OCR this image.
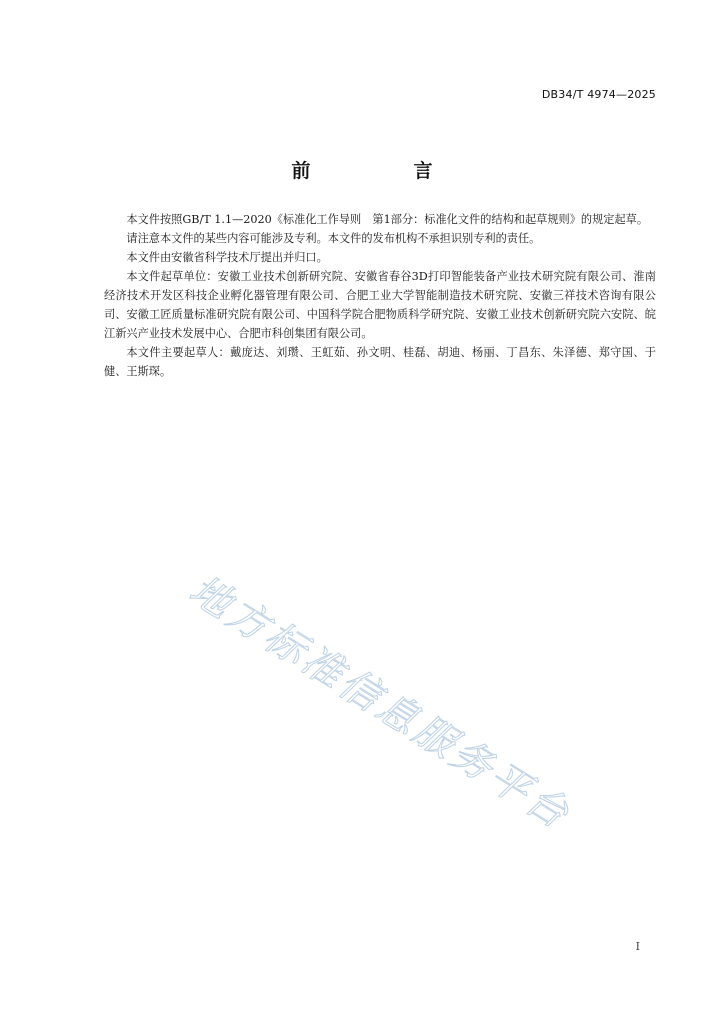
DB34/T 4974—2025
前　言

本文件按照GB/T 1.1—2020《标准化工作导则　第1部分：标准化文件的结构和起草规则》的规定起草。

请注意本文件的某些内容可能涉及专利。本文件的发布机构不承担识别专利的责任。

本文件由安徽省科学技术厅提出并归口。

本文件起草单位：安徽工业技术创新研究院、安徽省春谷3D打印智能装备产业技术研究院有限公司、淮南经济技术开发区科技企业孵化器管理有限公司、合肥工业大学智能制造技术研究院、安徽三祥技术咨询有限公司、安徽工匠质量标准研究院有限公司、中国科学院合肥物质科学研究院、安徽工业技术创新研究院六安院、皖江新兴产业技术发展中心、合肥市科创集团有限公司。

本文件主要起草人：戴庞达、刘瓒、王虹茹、孙文明、桂磊、胡迪、杨丽、丁昌东、朱泽德、郑守国、于健、王斯琛。

地方标准信息服务平台
I
